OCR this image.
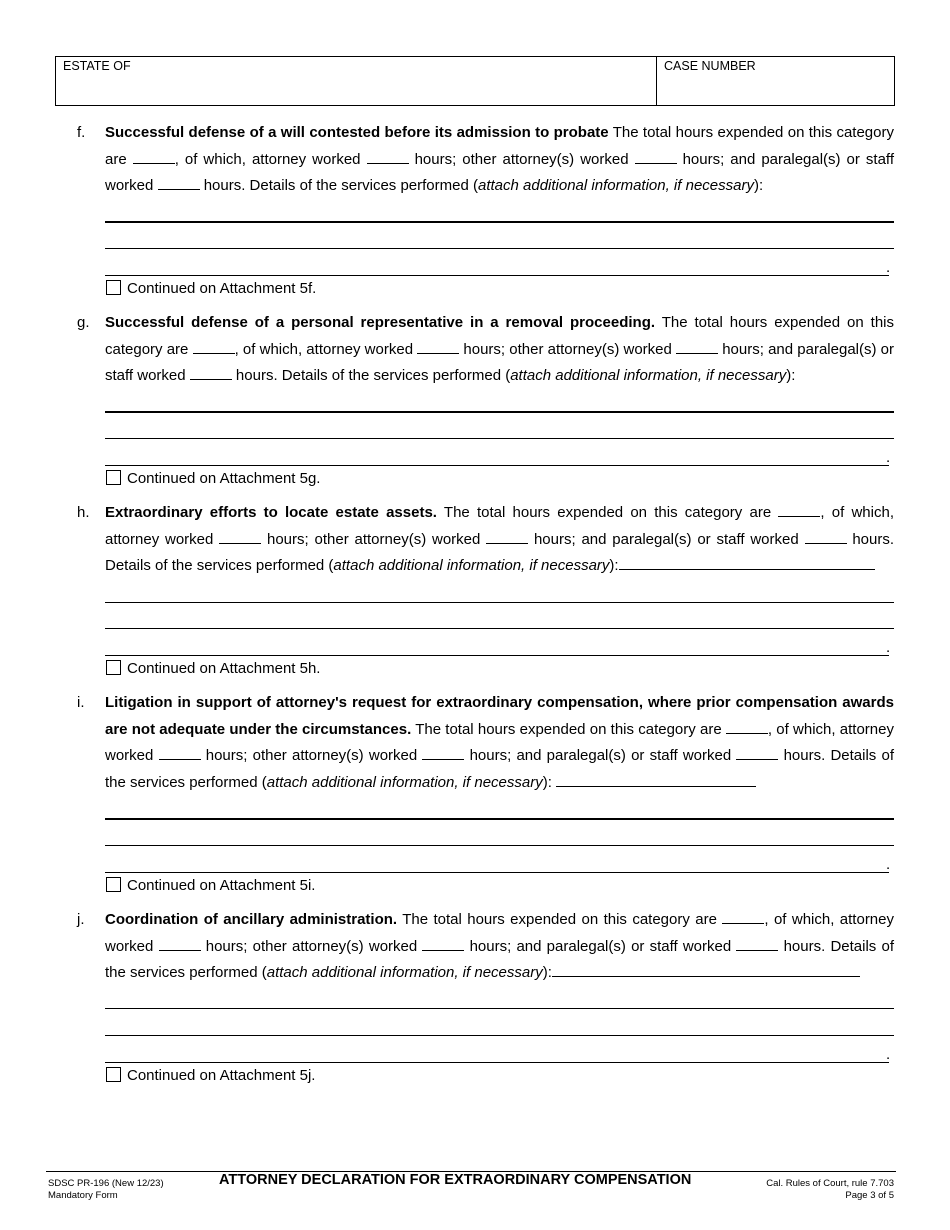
ESTATE OF	CASE NUMBER
f. Successful defense of a will contested before its admission to probate The total hours expended on this category are	, of which, attorney worked	hours; other attorney(s) worked	hours; and paralegal(s) or staff worked	hours. Details of the services performed (attach additional information, if necessary):
.
Continued on Attachment 5f.
g. Successful defense of a personal representative in a removal proceeding. The total hours expended on this category are	, of which, attorney worked	hours; other attorney(s) worked	hours; and paralegal(s) or staff worked	hours. Details of the services performed (attach additional information, if necessary):
.
Continued on Attachment 5g.
h. Extraordinary efforts to locate estate assets. The total hours expended on this category are	, of which, attorney worked	hours; other attorney(s) worked	hours; and paralegal(s) or staff worked	hours. Details of the services performed (attach additional information, if necessary):
.
Continued on Attachment 5h.
i. Litigation in support of attorney's request for extraordinary compensation, where prior compensation awards are not adequate under the circumstances. The total hours expended on this category are	, of which, attorney worked	hours; other attorney(s) worked	hours; and paralegal(s) or staff worked	hours. Details of the services performed (attach additional information, if necessary):
.
Continued on Attachment 5i.
j. Coordination of ancillary administration. The total hours expended on this category are	, of which, attorney worked	hours; other attorney(s) worked	hours; and paralegal(s) or staff worked	hours. Details of the services performed (attach additional information, if necessary):
.
Continued on Attachment 5j.
SDSC PR-196 (New 12/23)
Mandatory Form
ATTORNEY DECLARATION FOR EXTRAORDINARY COMPENSATION	Cal. Rules of Court, rule 7.703
Page 3 of 5
